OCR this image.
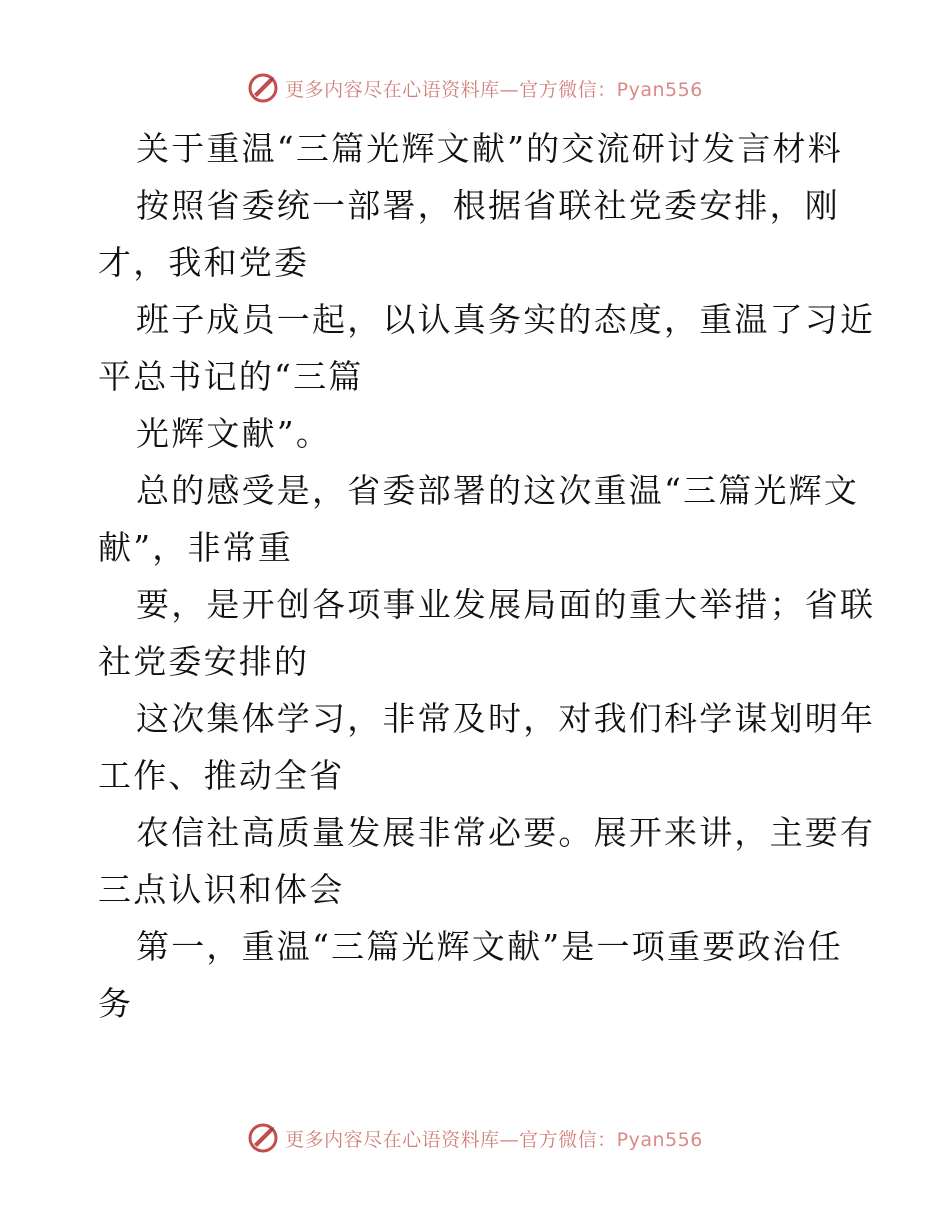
更多内容尽在心语资料库—官方微信：Pyan556
关于重温“三篇光辉文献”的交流研讨发言材料
按照省委统一部署，根据省联社党委安排，刚
才，我和党委
班子成员一起，以认真务实的态度，重温了习近
平总书记的“三篇
光辉文献”。
总的感受是，省委部署的这次重温“三篇光辉文
献”，非常重
要，是开创各项事业发展局面的重大举措；省联
社党委安排的
这次集体学习，非常及时，对我们科学谋划明年
工作、推动全省
农信社高质量发展非常必要。展开来讲，主要有
三点认识和体会
第一，重温“三篇光辉文献”是一项重要政治任
务
更多内容尽在心语资料库—官方微信：Pyan556
